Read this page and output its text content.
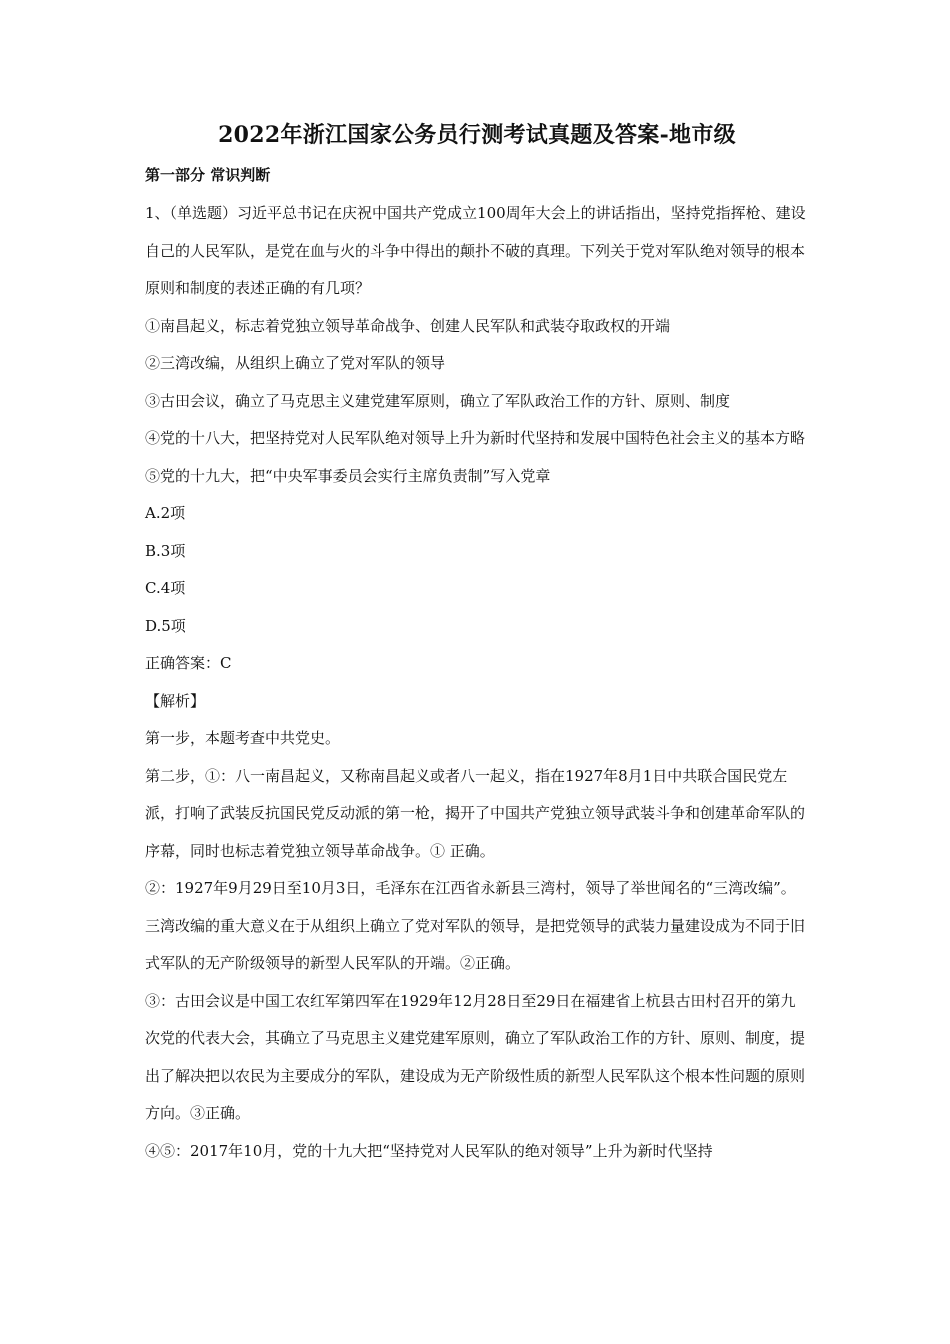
2022年浙江国家公务员行测考试真题及答案-地市级
第一部分 常识判断

1、（单选题）习近平总书记在庆祝中国共产党成立100周年大会上的讲话指出，坚持党指挥枪、建设自己的人民军队，是党在血与火的斗争中得出的颠扑不破的真理。下列关于党对军队绝对领导的根本原则和制度的表述正确的有几项？

①南昌起义，标志着党独立领导革命战争、创建人民军队和武装夺取政权的开端

②三湾改编，从组织上确立了党对军队的领导

③古田会议，确立了马克思主义建党建军原则，确立了军队政治工作的方针、原则、制度

④党的十八大，把坚持党对人民军队绝对领导上升为新时代坚持和发展中国特色社会主义的基本方略

⑤党的十九大，把“中央军事委员会实行主席负责制”写入党章

A.2项

B.3项

C.4项

D.5项

正确答案：C

【解析】

第一步，本题考查中共党史。

第二步，①：八一南昌起义，又称南昌起义或者八一起义，指在1927年8月1日中共联合国民党左派，打响了武装反抗国民党反动派的第一枪，揭开了中国共产党独立领导武装斗争和创建革命军队的序幕，同时也标志着党独立领导革命战争。① 正确。

②：1927年9月29日至10月3日，毛泽东在江西省永新县三湾村，领导了举世闻名的“三湾改编”。三湾改编的重大意义在于从组织上确立了党对军队的领导，是把党领导的武装力量建设成为不同于旧式军队的无产阶级领导的新型人民军队的开端。②正确。

③：古田会议是中国工农红军第四军在1929年12月28日至29日在福建省上杭县古田村召开的第九次党的代表大会，其确立了马克思主义建党建军原则，确立了军队政治工作的方针、原则、制度，提出了解决把以农民为主要成分的军队，建设成为无产阶级性质的新型人民军队这个根本性问题的原则方向。③正确。

④⑤：2017年10月，党的十九大把“坚持党对人民军队的绝对领导”上升为新时代坚持
